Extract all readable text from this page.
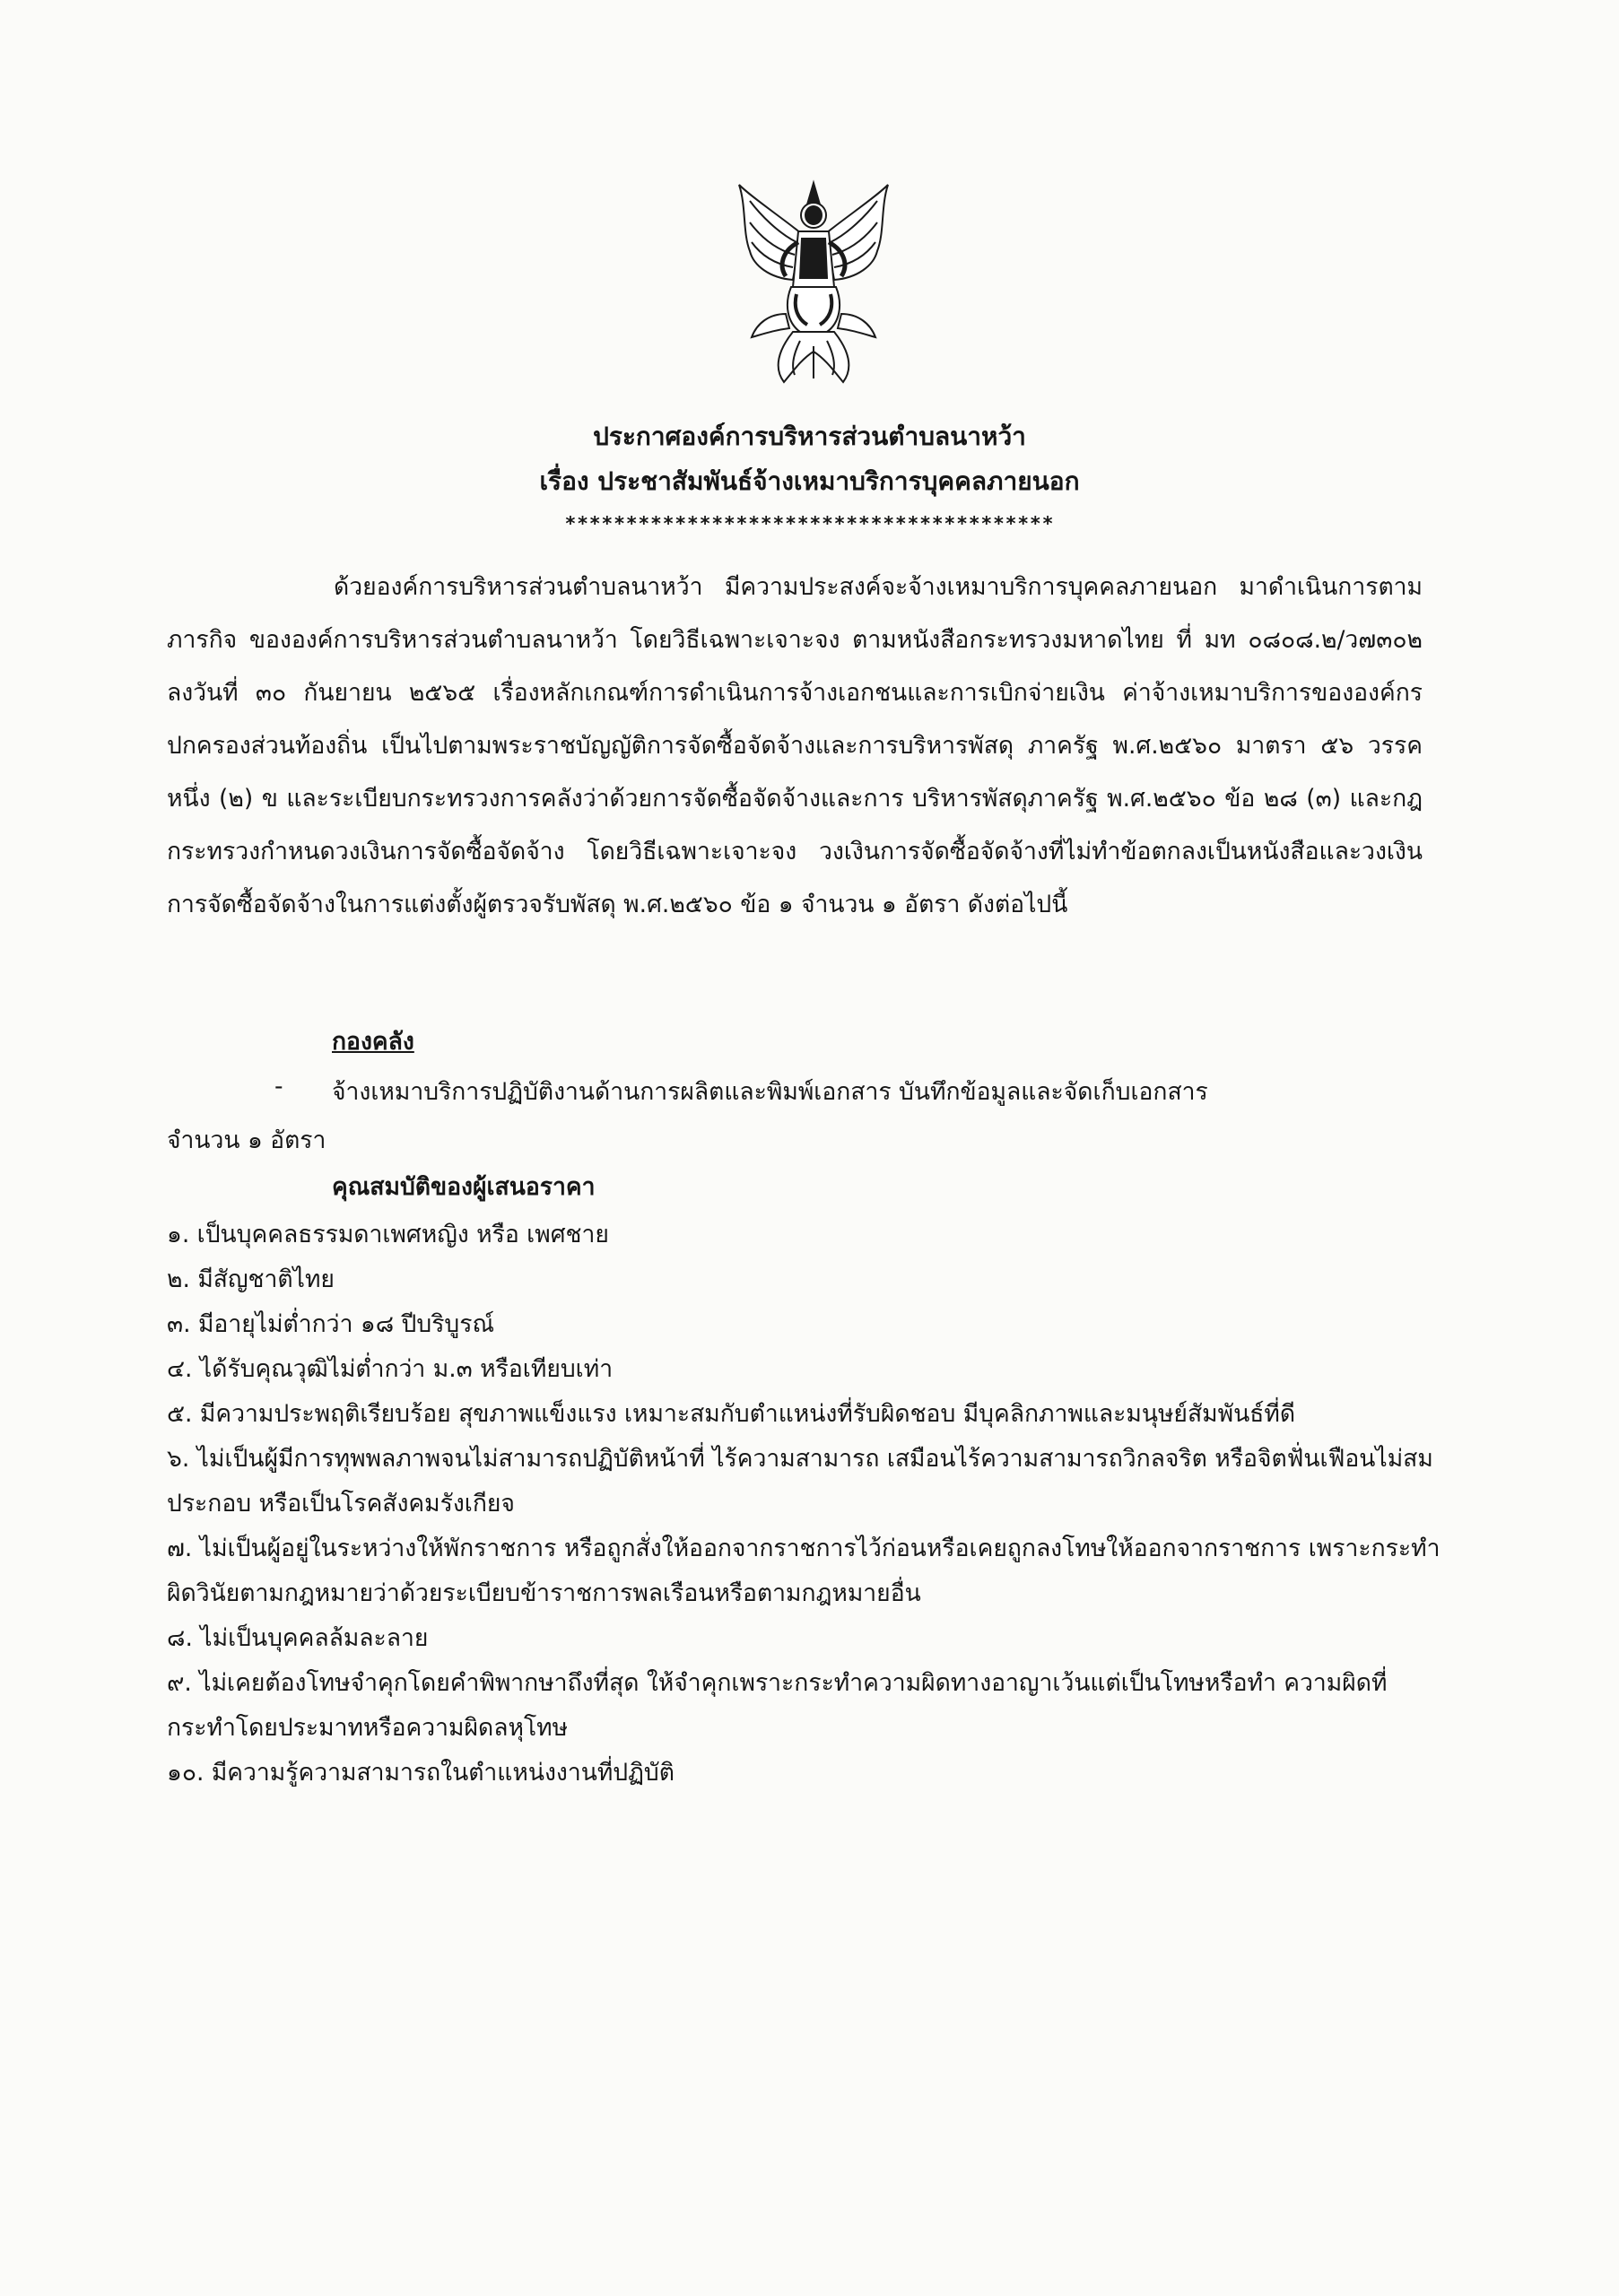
ประกาศองค์การบริหารส่วนตำบลนาหว้า
เรื่อง ประชาสัมพันธ์จ้างเหมาบริการบุคคลภายนอก
****************************************
ด้วยองค์การบริหารส่วนตำบลนาหว้า มีความประสงค์จะจ้างเหมาบริการบุคคลภายนอก มาดำเนินการตามภารกิจ ขององค์การบริหารส่วนตำบลนาหว้า โดยวิธีเฉพาะเจาะจง ตามหนังสือกระทรวงมหาดไทย ที่ มท ๐๘๐๘.๒/ว๗๓๐๒ ลงวันที่ ๓๐ กันยายน ๒๕๖๕ เรื่องหลักเกณฑ์การดำเนินการจ้างเอกชนและการเบิกจ่ายเงิน ค่าจ้างเหมาบริการขององค์กรปกครองส่วนท้องถิ่น เป็นไปตามพระราชบัญญัติการจัดซื้อจัดจ้างและการบริหารพัสดุ ภาครัฐ พ.ศ.๒๕๖๐ มาตรา ๕๖ วรรคหนึ่ง (๒) ข และระเบียบกระทรวงการคลังว่าด้วยการจัดซื้อจัดจ้างและการ บริหารพัสดุภาครัฐ พ.ศ.๒๕๖๐ ข้อ ๒๘ (๓) และกฎกระทรวงกำหนดวงเงินการจัดซื้อจัดจ้าง โดยวิธีเฉพาะเจาะจง วงเงินการจัดซื้อจัดจ้างที่ไม่ทำข้อตกลงเป็นหนังสือและวงเงินการจัดซื้อจัดจ้างในการแต่งตั้งผู้ตรวจรับพัสดุ พ.ศ.๒๕๖๐ ข้อ ๑ จำนวน ๑ อัตรา ดังต่อไปนี้
กองคลัง
- จ้างเหมาบริการปฏิบัติงานด้านการผลิตและพิมพ์เอกสาร บันทึกข้อมูลและจัดเก็บเอกสาร
จำนวน ๑ อัตรา
คุณสมบัติของผู้เสนอราคา
๑. เป็นบุคคลธรรมดาเพศหญิง หรือ เพศชาย
๒. มีสัญชาติไทย
๓. มีอายุไม่ต่ำกว่า ๑๘ ปีบริบูรณ์
๔. ได้รับคุณวุฒิไม่ต่ำกว่า ม.๓ หรือเทียบเท่า
๕. มีความประพฤติเรียบร้อย สุขภาพแข็งแรง เหมาะสมกับตำแหน่งที่รับผิดชอบ มีบุคลิกภาพและมนุษย์สัมพันธ์ที่ดี
๖. ไม่เป็นผู้มีการทุพพลภาพจนไม่สามารถปฏิบัติหน้าที่ ไร้ความสามารถ เสมือนไร้ความสามารถวิกลจริต หรือจิตฟั่นเฟือนไม่สมประกอบ หรือเป็นโรคสังคมรังเกียจ
๗. ไม่เป็นผู้อยู่ในระหว่างให้พักราชการ หรือถูกสั่งให้ออกจากราชการไว้ก่อนหรือเคยถูกลงโทษให้ออกจากราชการ เพราะกระทำผิดวินัยตามกฎหมายว่าด้วยระเบียบข้าราชการพลเรือนหรือตามกฎหมายอื่น
๘. ไม่เป็นบุคคลล้มละลาย
๙. ไม่เคยต้องโทษจำคุกโดยคำพิพากษาถึงที่สุด ให้จำคุกเพราะกระทำความผิดทางอาญาเว้นแต่เป็นโทษหรือทำ ความผิดที่กระทำโดยประมาทหรือความผิดลหุโทษ
๑๐. มีความรู้ความสามารถในตำแหน่งงานที่ปฏิบัติ
